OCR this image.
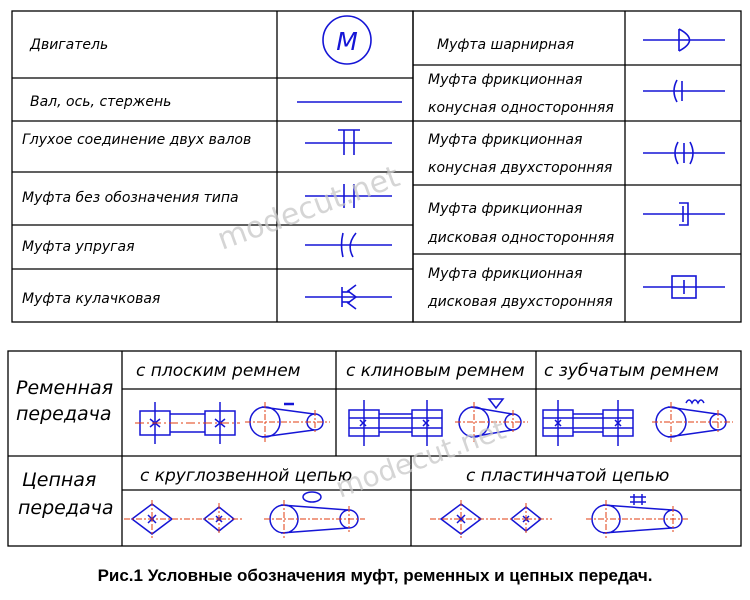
Двигатель
Вал, ось, стержень
Глухое соединение двух валов
Муфта без обозначения типа
Муфта упругая
Муфта кулачковая
Муфта шарнирная
Муфта фрикционная
конусная односторонняя
Муфта фрикционная
конусная двухсторонняя
Муфта фрикционная
дисковая односторонняя
Муфта фрикционная
дисковая двухсторонняя
М
Ременная
передача
Цепная
передача
с плоским ремнем	с клиновым ремнем с зубчатым ремнем
с круглозвенной цепью	с пластинчатой цепью
modecut.net
modecut.net
Рис.1 Условные обозначения муфт, ременных и цепных передач.
